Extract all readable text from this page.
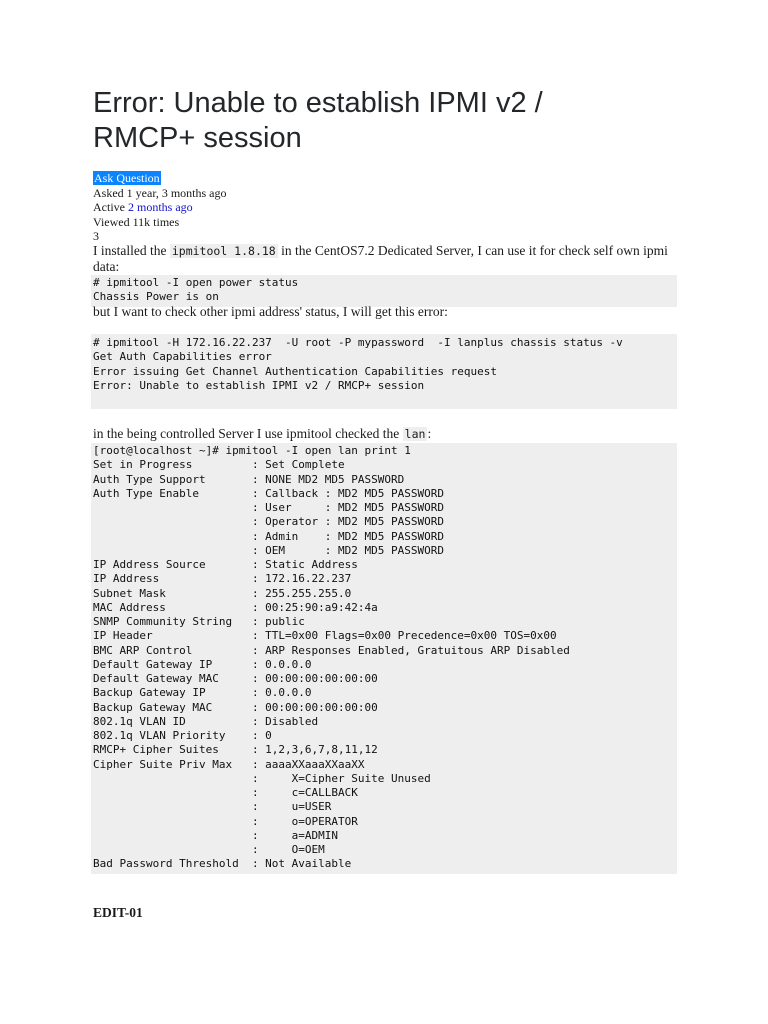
Error: Unable to establish IPMI v2 / RMCP+ session
Ask Question
Asked 1 year, 3 months ago
Active 2 months ago
Viewed 11k times
3
I installed the ipmitool 1.8.18 in the CentOS7.2 Dedicated Server, I can use it for check self own ipmi data:
# ipmitool -I open power status
Chassis Power is on
but I want to check other ipmi address' status, I will get this error:
# ipmitool -H 172.16.22.237  -U root -P mypassword  -I lanplus chassis status -v
Get Auth Capabilities error
Error issuing Get Channel Authentication Capabilities request
Error: Unable to establish IPMI v2 / RMCP+ session

in the being controlled Server I use ipmitool checked the lan :
[root@localhost ~]# ipmitool -I open lan print 1
Set in Progress         : Set Complete
Auth Type Support       : NONE MD2 MD5 PASSWORD
Auth Type Enable        : Callback : MD2 MD5 PASSWORD
: User     : MD2 MD5 PASSWORD
: Operator : MD2 MD5 PASSWORD
: Admin    : MD2 MD5 PASSWORD
: OEM      : MD2 MD5 PASSWORD
IP Address Source       : Static Address
IP Address              : 172.16.22.237
Subnet Mask             : 255.255.255.0
MAC Address             : 00:25:90:a9:42:4a
SNMP Community String   : public
IP Header               : TTL=0x00 Flags=0x00 Precedence=0x00 TOS=0x00
BMC ARP Control         : ARP Responses Enabled, Gratuitous ARP Disabled
Default Gateway IP      : 0.0.0.0
Default Gateway MAC     : 00:00:00:00:00:00
Backup Gateway IP       : 0.0.0.0
Backup Gateway MAC      : 00:00:00:00:00:00
802.1q VLAN ID          : Disabled
802.1q VLAN Priority    : 0
RMCP+ Cipher Suites     : 1,2,3,6,7,8,11,12
Cipher Suite Priv Max   : aaaaXXaaaXXaaXX
:     X=Cipher Suite Unused
:     c=CALLBACK
:     u=USER
:     o=OPERATOR
:     a=ADMIN
:     O=OEM
Bad Password Threshold  : Not Available
EDIT-01
